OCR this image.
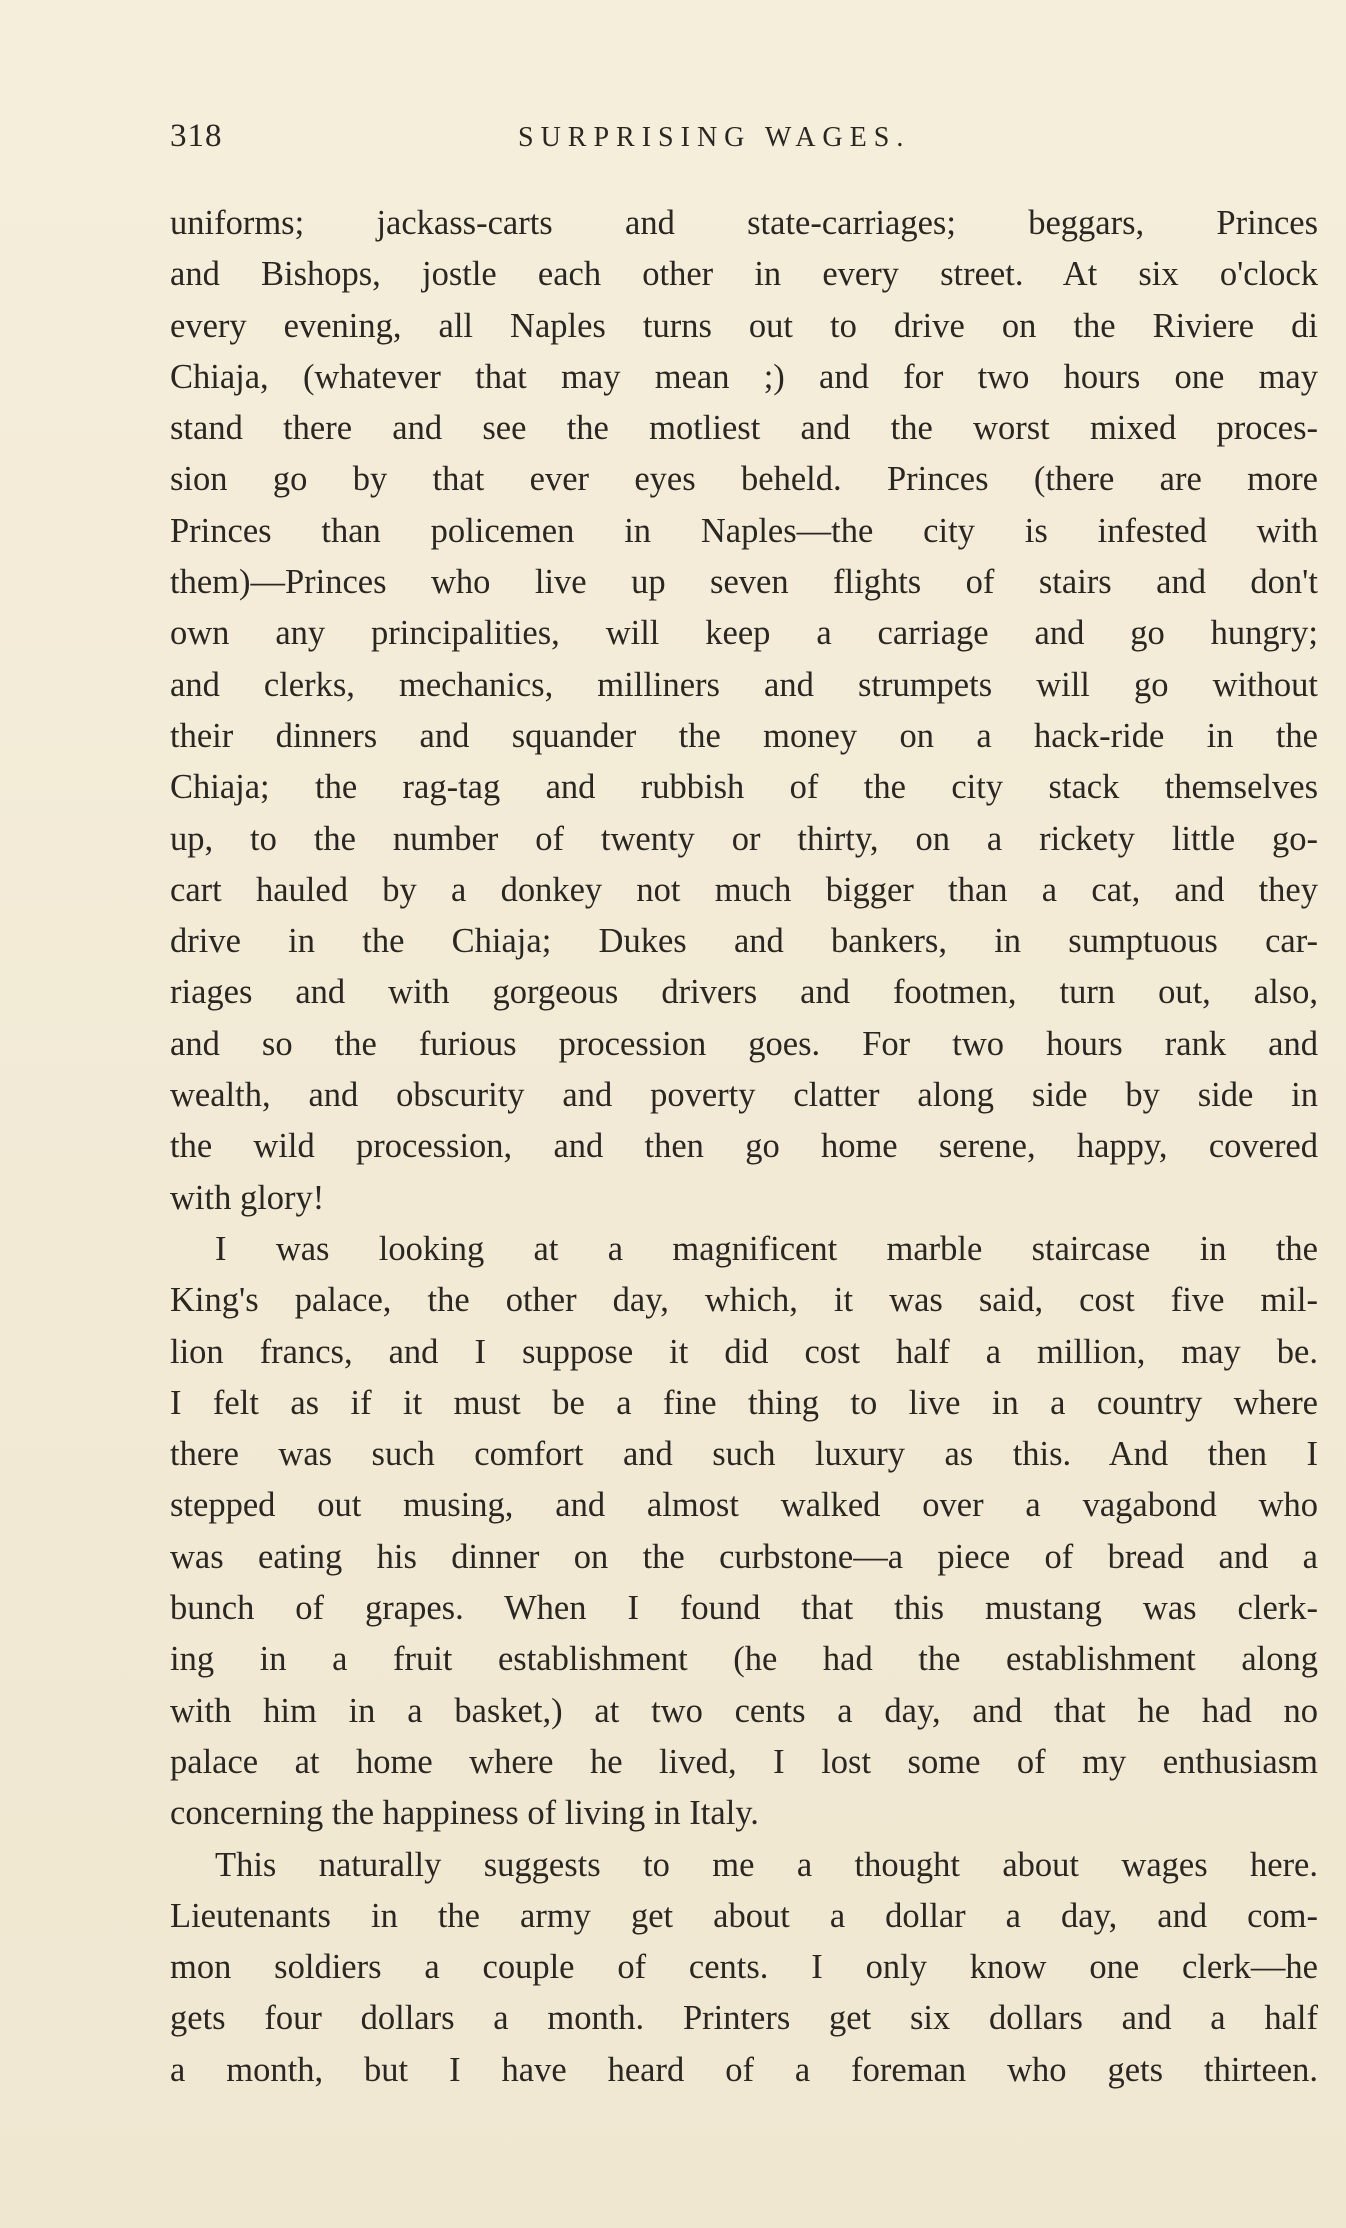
318	SURPRISING WAGES.
uniforms; jackass-carts and state-carriages; beggars, Princes
and Bishops, jostle each other in every street. At six o'clock
every evening, all Naples turns out to drive on the Riviere di
Chiaja, (whatever that may mean ;) and for two hours one may
stand there and see the motliest and the worst mixed proces-
sion go by that ever eyes beheld. Princes (there are more
Princes than policemen in Naples—the city is infested with
them)—Princes who live up seven flights of stairs and don't
own any principalities, will keep a carriage and go hungry;
and clerks, mechanics, milliners and strumpets will go without
their dinners and squander the money on a hack-ride in the
Chiaja; the rag-tag and rubbish of the city stack themselves
up, to the number of twenty or thirty, on a rickety little go-
cart hauled by a donkey not much bigger than a cat, and they
drive in the Chiaja; Dukes and bankers, in sumptuous car-
riages and with gorgeous drivers and footmen, turn out, also,
and so the furious procession goes. For two hours rank and
wealth, and obscurity and poverty clatter along side by side in
the wild procession, and then go home serene, happy, covered
with glory!
I was looking at a magnificent marble staircase in the
King's palace, the other day, which, it was said, cost five mil-
lion francs, and I suppose it did cost half a million, may be.
I felt as if it must be a fine thing to live in a country where
there was such comfort and such luxury as this. And then I
stepped out musing, and almost walked over a vagabond who
was eating his dinner on the curbstone—a piece of bread and a
bunch of grapes. When I found that this mustang was clerk-
ing in a fruit establishment (he had the establishment along
with him in a basket,) at two cents a day, and that he had no
palace at home where he lived, I lost some of my enthusiasm
concerning the happiness of living in Italy.
This naturally suggests to me a thought about wages here.
Lieutenants in the army get about a dollar a day, and com-
mon soldiers a couple of cents. I only know one clerk—he
gets four dollars a month. Printers get six dollars and a half
a month, but I have heard of a foreman who gets thirteen.
